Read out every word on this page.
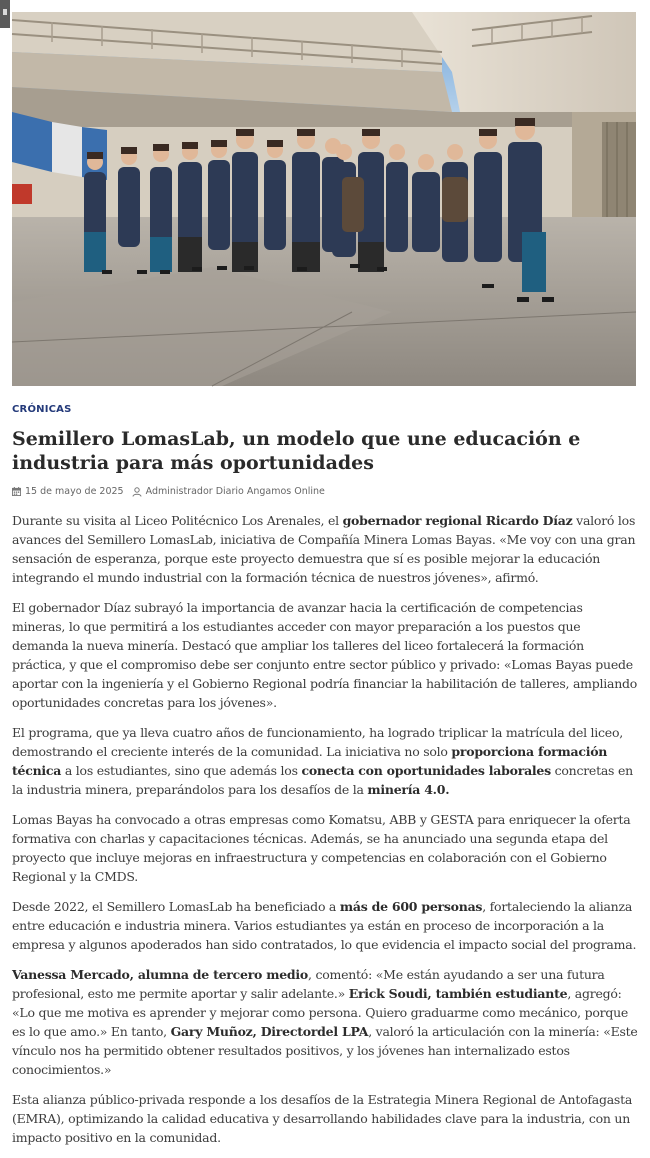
CRÓNICAS
Semillero LomasLab, un modelo que une educación e industria para más oportunidades
15 de mayo de 2025 Administrador Diario Angamos Online

Durante su visita al Liceo Politécnico Los Arenales, el gobernador regional Ricardo Díaz valoró los avances del Semillero LomasLab, iniciativa de Compañía Minera Lomas Bayas. «Me voy con una gran sensación de esperanza, porque este proyecto demuestra que sí es posible mejorar la educación integrando el mundo industrial con la formación técnica de nuestros jóvenes», afirmó.

El gobernador Díaz subrayó la importancia de avanzar hacia la certificación de competencias mineras, lo que permitirá a los estudiantes acceder con mayor preparación a los puestos que demanda la nueva minería. Destacó que ampliar los talleres del liceo fortalecerá la formación práctica, y que el compromiso debe ser conjunto entre sector público y privado: «Lomas Bayas puede aportar con la ingeniería y el Gobierno Regional podría financiar la habilitación de talleres, ampliando oportunidades concretas para los jóvenes».

El programa, que ya lleva cuatro años de funcionamiento, ha logrado triplicar la matrícula del liceo, demostrando el creciente interés de la comunidad. La iniciativa no solo proporciona formación técnica a los estudiantes, sino que además los conecta con oportunidades laborales concretas en la industria minera, preparándolos para los desafíos de la minería 4.0.

Lomas Bayas ha convocado a otras empresas como Komatsu, ABB y GESTA para enriquecer la oferta formativa con charlas y capacitaciones técnicas. Además, se ha anunciado una segunda etapa del proyecto que incluye mejoras en infraestructura y competencias en colaboración con el Gobierno Regional y la CMDS.

Desde 2022, el Semillero LomasLab ha beneficiado a más de 600 personas, fortaleciendo la alianza entre educación e industria minera. Varios estudiantes ya están en proceso de incorporación a la empresa y algunos apoderados han sido contratados, lo que evidencia el impacto social del programa.

Vanessa Mercado, alumna de tercero medio, comentó: «Me están ayudando a ser una futura profesional, esto me permite aportar y salir adelante.» Erick Soudi, también estudiante, agregó: «Lo que me motiva es aprender y mejorar como persona. Quiero graduarme como mecánico, porque es lo que amo.» En tanto, Gary Muñoz, Directordel LPA, valoró la articulación con la minería: «Este vínculo nos ha permitido obtener resultados positivos, y los jóvenes han internalizado estos conocimientos.»

Esta alianza público-privada responde a los desafíos de la Estrategia Minera Regional de Antofagasta (EMRA), optimizando la calidad educativa y desarrollando habilidades clave para la industria, con un impacto positivo en la comunidad.
